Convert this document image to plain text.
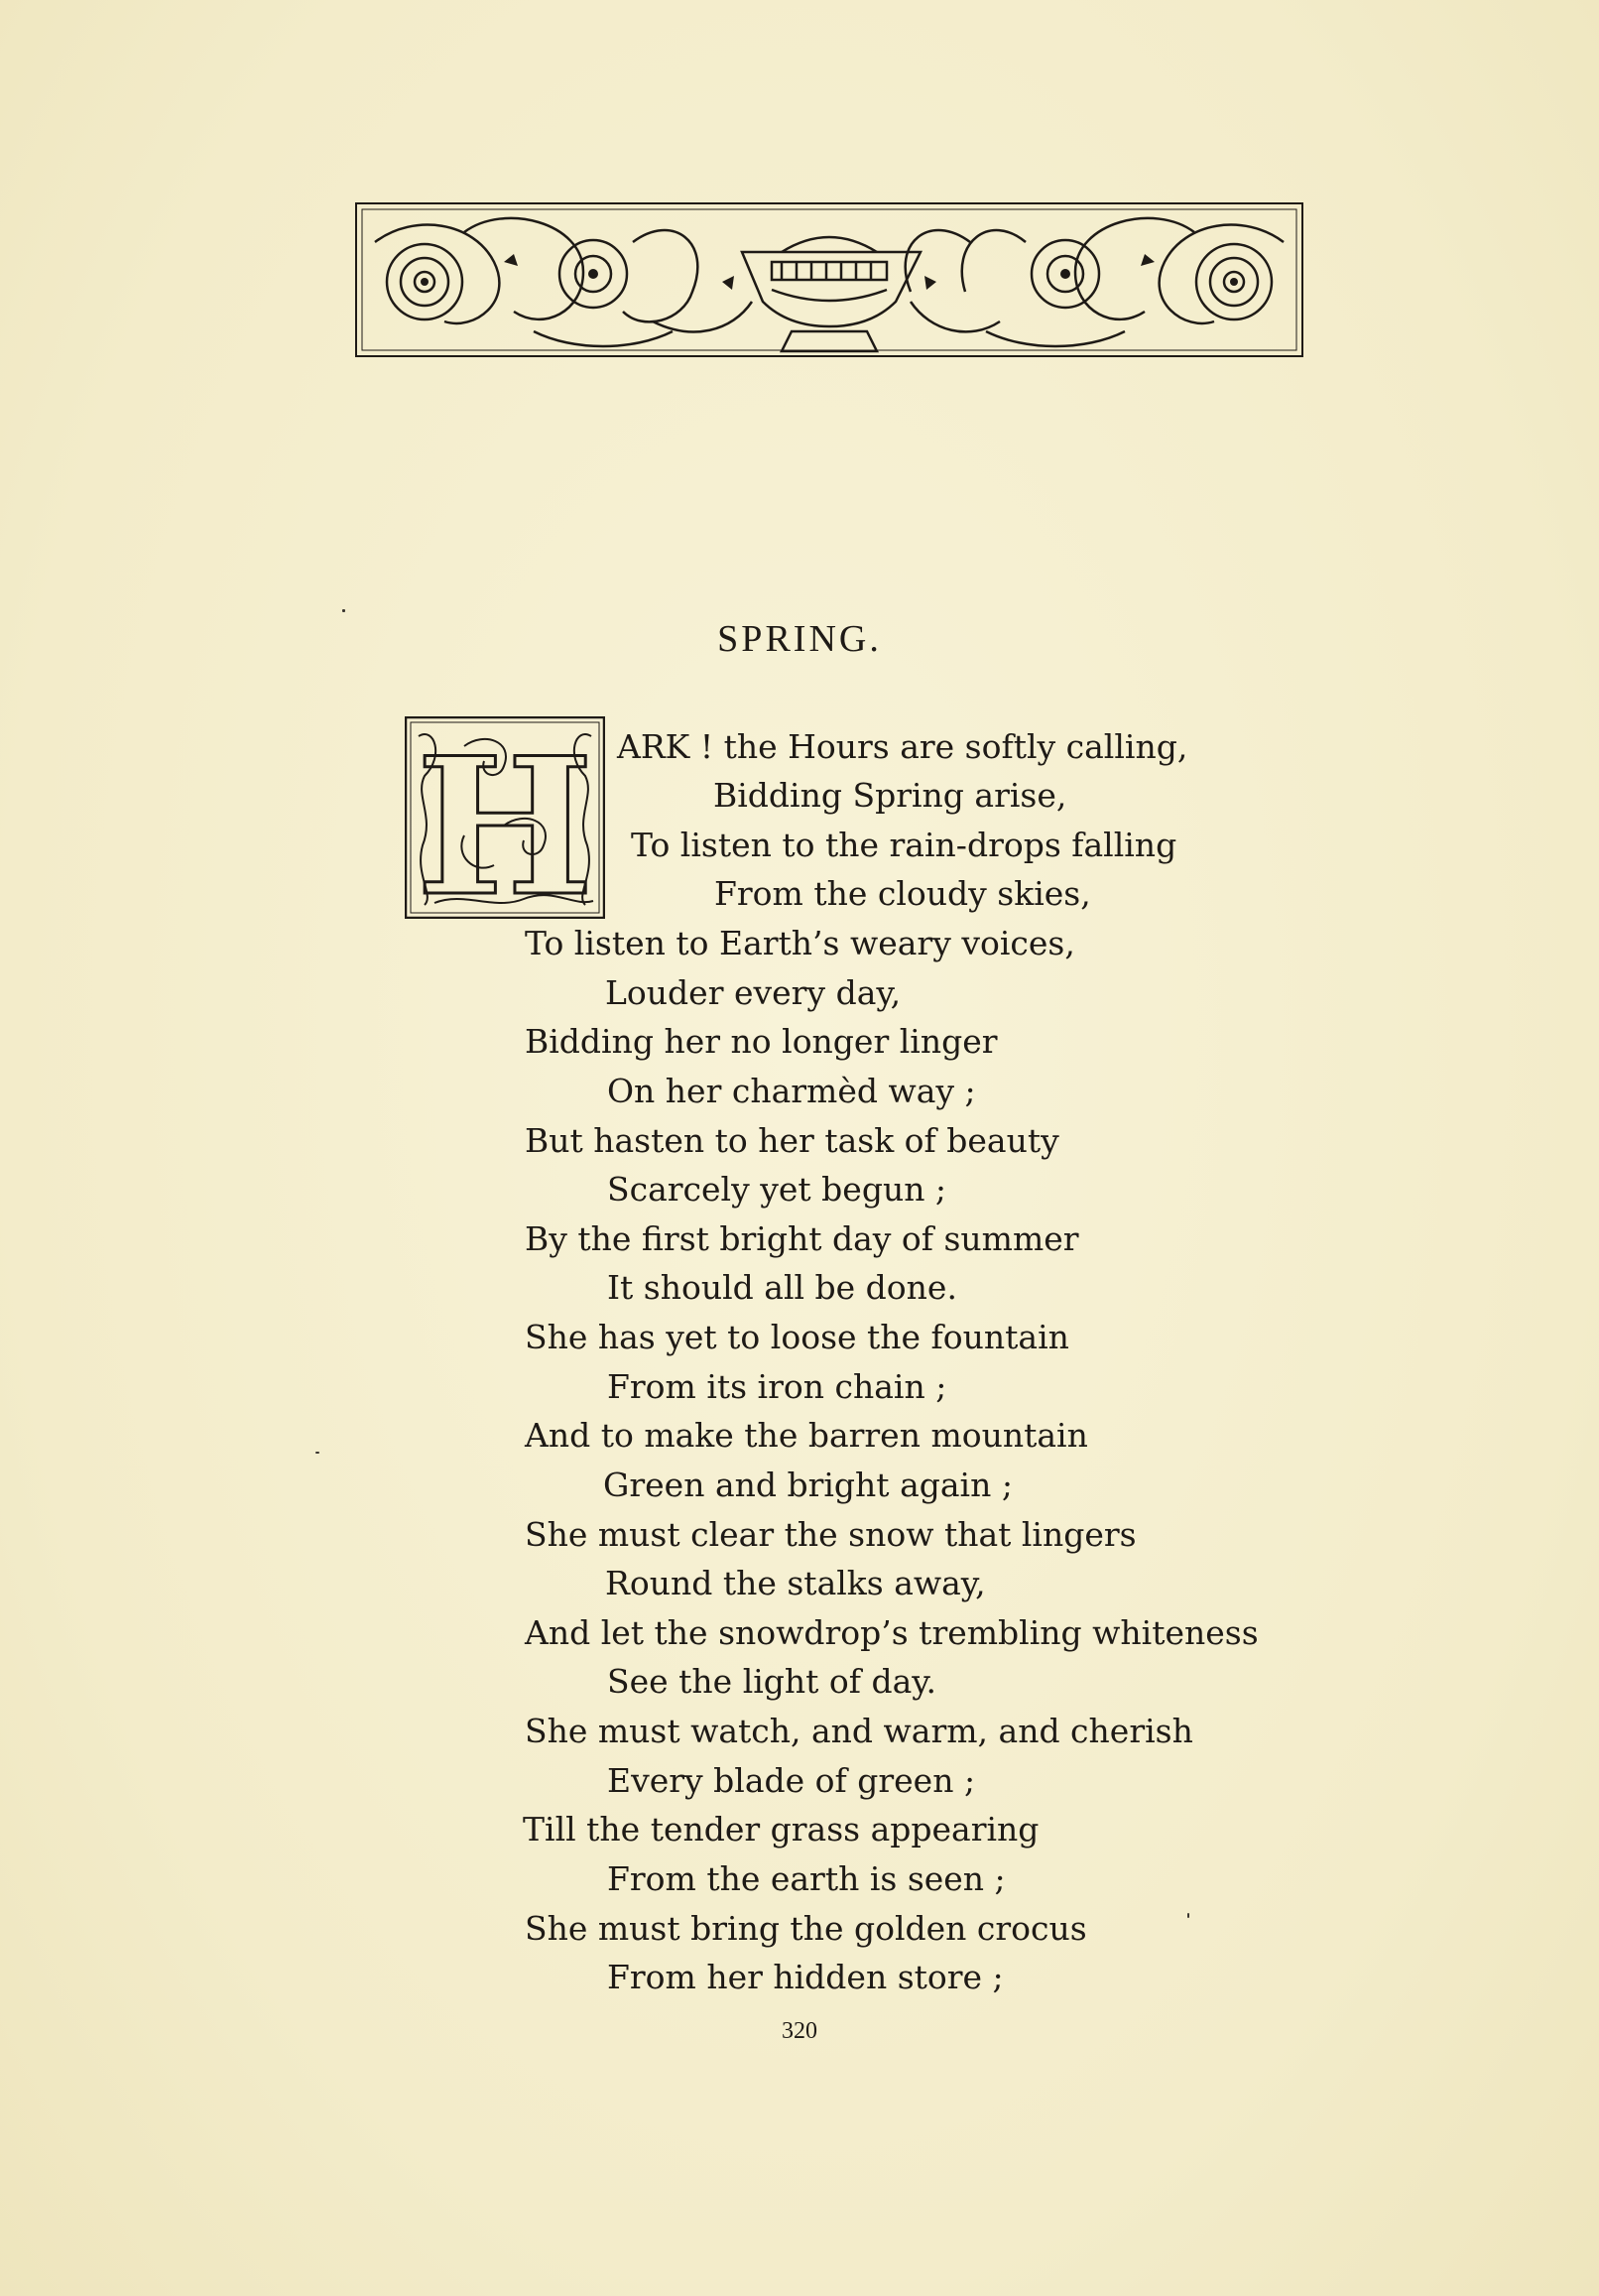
SPRING.
H ARK ! the Hours are softly calling,
Bidding Spring arise,
To listen to the rain-drops falling
From the cloudy skies,
To listen to Earth’s weary voices,
Louder every day,
Bidding her no longer linger
On her charmèd way ;
But hasten to her task of beauty
Scarcely yet begun ;
By the first bright day of summer
It should all be done.
She has yet to loose the fountain
From its iron chain ;
And to make the barren mountain
Green and bright again ;
She must clear the snow that lingers
Round the stalks away,
And let the snowdrop’s trembling whiteness
See the light of day.
She must watch, and warm, and cherish
Every blade of green ;
Till the tender grass appearing
From the earth is seen ;
She must bring the golden crocus
From her hidden store ;
320
